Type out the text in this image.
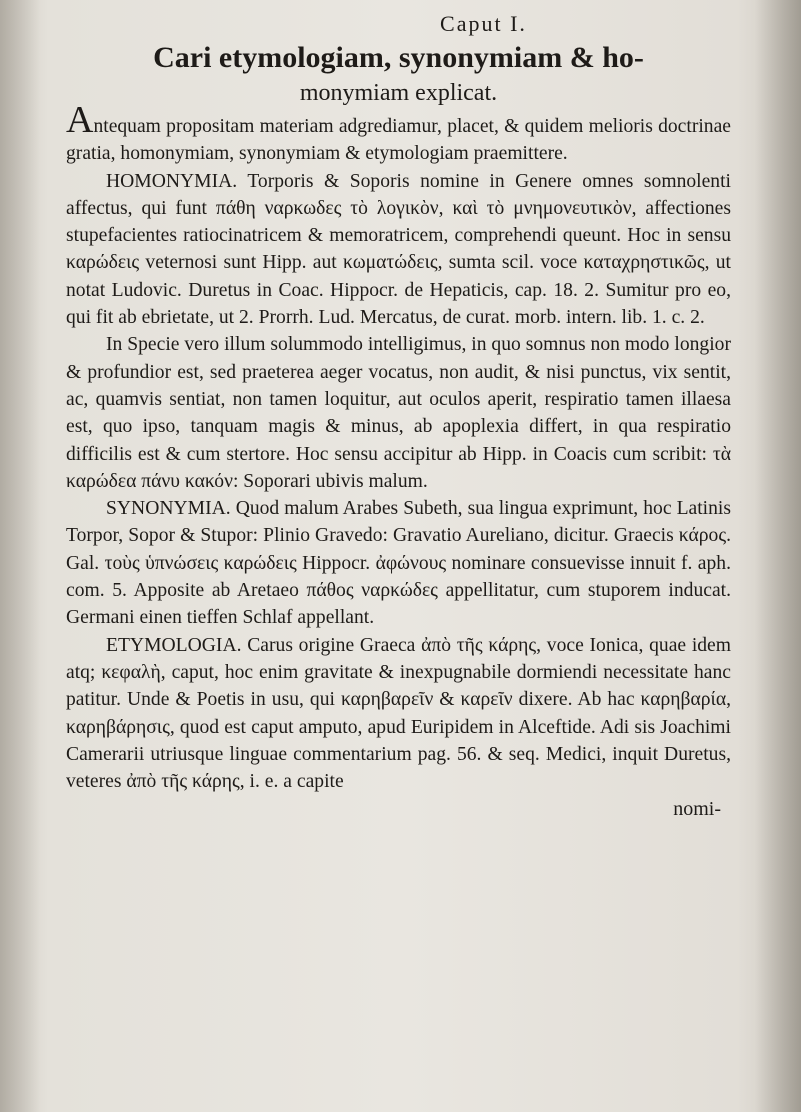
Caput I.
Cari etymologiam, synonymiam & ho-
monymiam explicat.

Antequam propositam materiam adgrediamur, placet, & quidem melioris doctrinae gratia, homonymiam, synonymiam & etymologiam praemittere.

HOMONYMIA. Torporis & Soporis nomine in Genere omnes somnolenti affectus, qui funt πάθη ναρκωδες τὸ λογικὸν, καὶ τὸ μνημονευτικὸν, affectiones stupefacientes ratiocinatricem & memoratricem, comprehendi queunt. Hoc in sensu καρώδεις veternosi sunt Hipp. aut κωματώδεις, sumta scil. voce καταχρηστικῶς, ut notat Ludovic. Duretus in Coac. Hippocr. de Hepaticis, cap. 18. 2. Sumitur pro eo, qui fit ab ebrietate, ut 2. Prorrh. Lud. Mercatus, de curat. morb. intern. lib. 1. c. 2.

In Specie vero illum solummodo intelligimus, in quo somnus non modo longior & profundior est, sed praeterea aeger vocatus, non audit, & nisi punctus, vix sentit, ac, quamvis sentiat, non tamen loquitur, aut oculos aperit, respiratio tamen illaesa est, quo ipso, tanquam magis & minus, ab apoplexia differt, in qua respiratio difficilis est & cum stertore. Hoc sensu accipitur ab Hipp. in Coacis cum scribit: τὰ καρώδεα πάνυ κακόν: Soporari ubivis malum.

SYNONYMIA. Quod malum Arabes Subeth, sua lingua exprimunt, hoc Latinis Torpor, Sopor & Stupor: Plinio Gravedo: Gravatio Aureliano, dicitur. Graecis κάρος. Gal. τοὺς ὑπνώσεις καρώδεις Hippocr. ἀφώνους nominare consuevisse innuit f. aph. com. 5. Apposite ab Aretaeo πάθος ναρκώδες appellitatur, cum stuporem inducat. Germani einen tieffen Schlaf appellant.

ETYMOLOGIA. Carus origine Graeca ἀπὸ τῆς κάρης, voce Ionica, quae idem atq; κεφαλὴ, caput, hoc enim gravitate & inexpugnabile dormiendi necessitate hanc patitur. Unde & Poetis in usu, qui καρηβαρεῖν & καρεῖν dixere. Ab hac καρηβαρία, καρηβάρησις, quod est caput amputo, apud Euripidem in Alceftide. Adi sis Joachimi Camerarii utriusque linguae commentarium pag. 56. & seq. Medici, inquit Duretus, veteres ἀπὸ τῆς κάρης, i. e. a capite

nomi-
